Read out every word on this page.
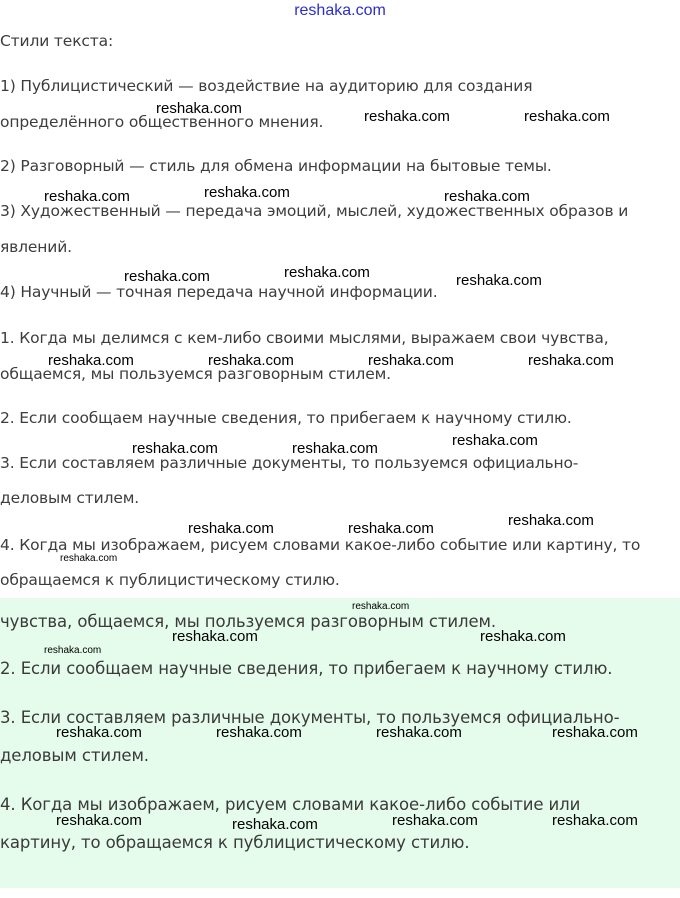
reshaka.com
Стили текста:
1) Публицистический — воздействие на аудиторию для создания
определённого общественного мнения.
2) Разговорный — стиль для обмена информации на бытовые темы.
3) Художественный — передача эмоций, мыслей, художественных образов и
явлений.
4) Научный — точная передача научной информации.
1. Когда мы делимся с кем-либо своими мыслями, выражаем свои чувства,
общаемся, мы пользуемся разговорным стилем.
2. Если сообщаем научные сведения, то прибегаем к научному стилю.
3. Если составляем различные документы, то пользуемся официально-
деловым стилем.
4. Когда мы изображаем, рисуем словами какое-либо событие или картину, то
обращаемся к публицистическому стилю.
чувства, общаемся, мы пользуемся разговорным стилем.
2. Если сообщаем научные сведения, то прибегаем к научному стилю.
3. Если составляем различные документы, то пользуемся официально-
деловым стилем.
4. Когда мы изображаем, рисуем словами какое-либо событие или
картину, то обращаемся к публицистическому стилю.
reshaka.com	reshaka.com	reshaka.com
reshaka.com	reshaka.com	reshaka.com
reshaka.com	reshaka.com	reshaka.com
reshaka.com	reshaka.com	reshaka.com	reshaka.com
reshaka.com	reshaka.com	reshaka.com
reshaka.com	reshaka.com	reshaka.com
reshaka.com
reshaka.com
reshaka.com	reshaka.com
reshaka.com
reshaka.com	reshaka.com	reshaka.com	reshaka.com
reshaka.com	reshaka.com	reshaka.com	reshaka.com
